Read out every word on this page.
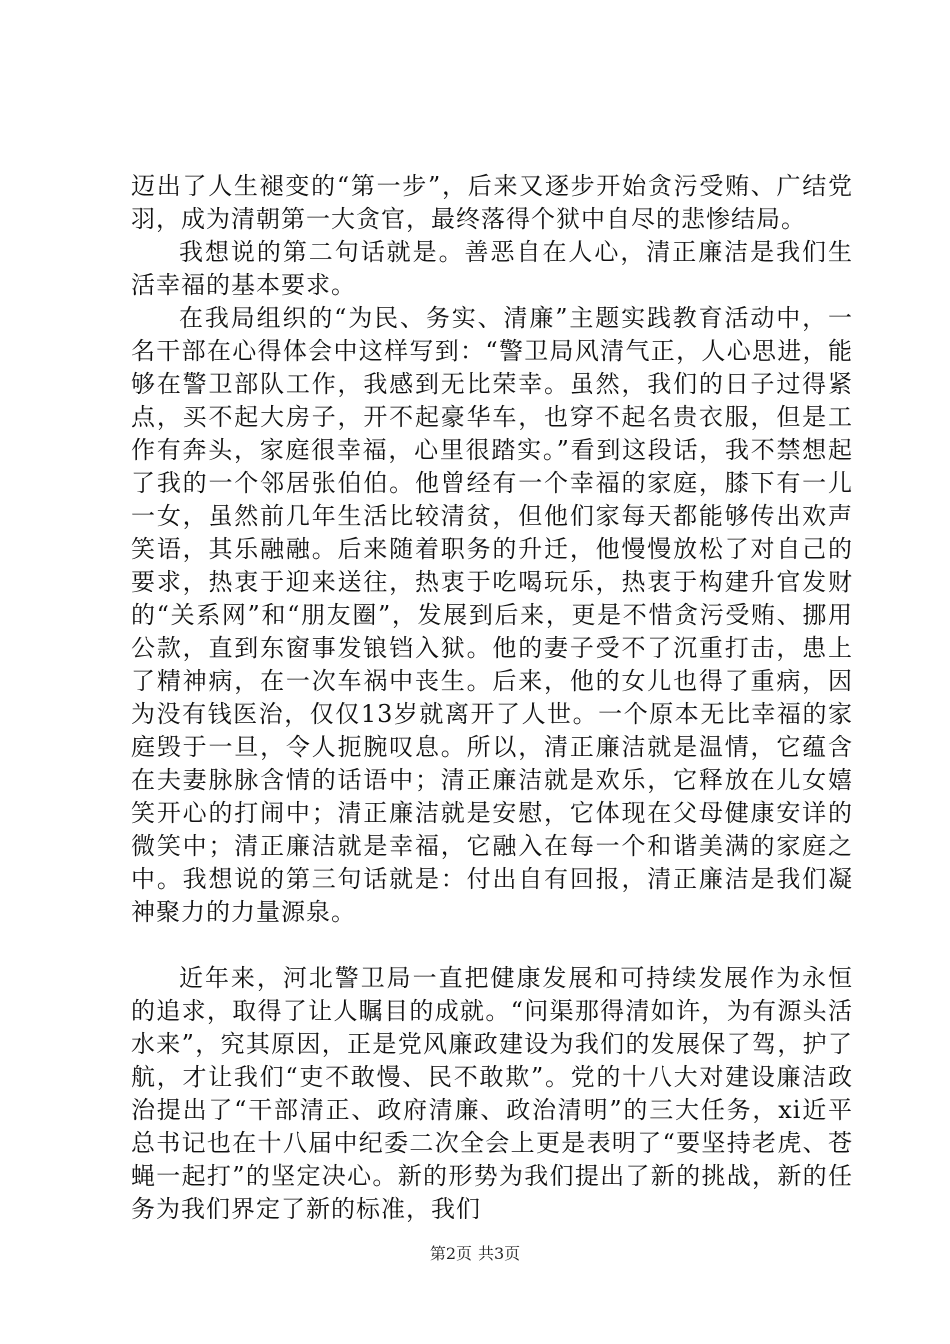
迈出了人生褪变的“第一步”，后来又逐步开始贪污受贿、广结党羽，成为清朝第一大贪官，最终落得个狱中自尽的悲惨结局。

我想说的第二句话就是。善恶自在人心，清正廉洁是我们生活幸福的基本要求。

在我局组织的“为民、务实、清廉”主题实践教育活动中，一名干部在心得体会中这样写到：“警卫局风清气正，人心思进，能够在警卫部队工作，我感到无比荣幸。虽然，我们的日子过得紧点，买不起大房子，开不起豪华车，也穿不起名贵衣服，但是工作有奔头，家庭很幸福，心里很踏实。”看到这段话，我不禁想起了我的一个邻居张伯伯。他曾经有一个幸福的家庭，膝下有一儿一女，虽然前几年生活比较清贫，但他们家每天都能够传出欢声笑语，其乐融融。后来随着职务的升迁，他慢慢放松了对自己的要求，热衷于迎来送往，热衷于吃喝玩乐，热衷于构建升官发财的“关系网”和“朋友圈”，发展到后来，更是不惜贪污受贿、挪用公款，直到东窗事发锒铛入狱。他的妻子受不了沉重打击，患上了精神病，在一次车祸中丧生。后来，他的女儿也得了重病，因为没有钱医治，仅仅13岁就离开了人世。一个原本无比幸福的家庭毁于一旦，令人扼腕叹息。所以，清正廉洁就是温情，它蕴含在夫妻脉脉含情的话语中；清正廉洁就是欢乐，它释放在儿女嬉笑开心的打闹中；清正廉洁就是安慰，它体现在父母健康安详的微笑中；清正廉洁就是幸福，它融入在每一个和谐美满的家庭之中。我想说的第三句话就是：付出自有回报，清正廉洁是我们凝神聚力的力量源泉。

近年来，河北警卫局一直把健康发展和可持续发展作为永恒的追求，取得了让人瞩目的成就。“问渠那得清如许，为有源头活水来”，究其原因，正是党风廉政建设为我们的发展保了驾，护了航，才让我们“吏不敢慢、民不敢欺”。党的十八大对建设廉洁政治提出了“干部清正、政府清廉、政治清明”的三大任务，xi近平总书记也在十八届中纪委二次全会上更是表明了“要坚持老虎、苍蝇一起打”的坚定决心。新的形势为我们提出了新的挑战，新的任务为我们界定了新的标准，我们

第2页 共3页
